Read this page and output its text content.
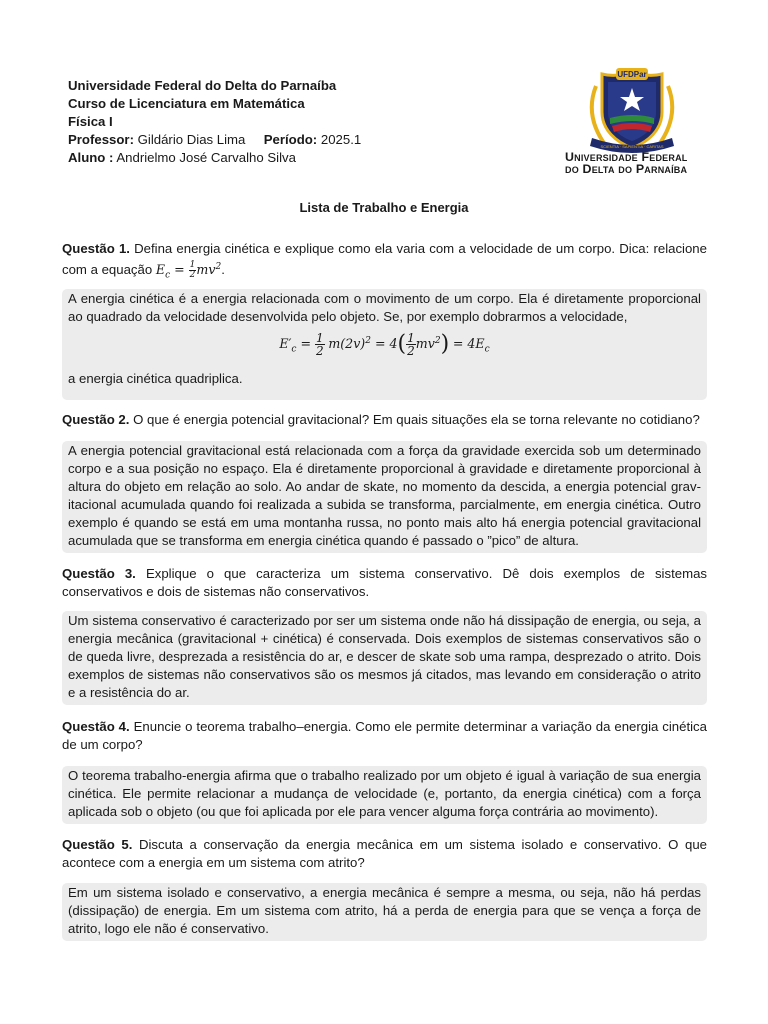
Universidade Federal do Delta do Parnaíba
Curso de Licenciatura em Matemática
Física I
Professor: Gildário Dias Lima Período: 2025.1
Aluno : Andrielmo José Carvalho Silva
UFDPar
SCIENTIA · SAPIENTIA · CARITAS
Universidade Federal
do Delta do Parnaíba
Lista de Trabalho e Energia
Questão 1. Defina energia cinética e explique como ela varia com a velocidade de um corpo. Dica: relacione com a equação $E_c = \frac{1}{2} mv^2$.
A energia cinética é a energia relacionada com o movimento de um corpo. Ela é diretamente proporcional ao quadrado da velocidade desenvolvida pelo objeto. Se, por exemplo dobrarmos a velocidade,
$E'_c = \frac{1}{2} m(2v)^2 = 4( \frac{1}{2} mv^2) = 4E_c$
a energia cinética quadriplica.
Questão 2. O que é energia potencial gravitacional? Em quais situações ela se torna relevante no cotidiano?
A energia potencial gravitacional está relacionada com a força da gravidade exercida sob um determinado corpo e a sua posição no espaço. Ela é diretamente proporcional à gravidade e diretamente proporcional à altura do objeto em relação ao solo. Ao andar de skate, no momento da descida, a energia potencial grav- itacional acumulada quando foi realizada a subida se transforma, parcialmente, em energia cinética. Outro exemplo é quando se está em uma montanha russa, no ponto mais alto há energia potencial gravitacional acumulada que se transforma em energia cinética quando é passado o ”pico” de altura.
Questão 3. Explique o que caracteriza um sistema conservativo. Dê dois exemplos de sistemas conservativos e dois de sistemas não conservativos.
Um sistema conservativo é caracterizado por ser um sistema onde não há dissipação de energia, ou seja, a energia mecânica (gravitacional + cinética) é conservada. Dois exemplos de sistemas conservativos são o de queda livre, desprezada a resistência do ar, e descer de skate sob uma rampa, desprezado o atrito. Dois exemplos de sistemas não conservativos são os mesmos já citados, mas levando em consideração o atrito e a resistência do ar.
Questão 4. Enuncie o teorema trabalho–energia. Como ele permite determinar a variação da energia cinética de um corpo?
O teorema trabalho-energia afirma que o trabalho realizado por um objeto é igual à variação de sua energia cinética. Ele permite relacionar a mudança de velocidade (e, portanto, da energia cinética) com a força aplicada sob o objeto (ou que foi aplicada por ele para vencer alguma força contrária ao movimento).
Questão 5. Discuta a conservação da energia mecânica em um sistema isolado e conservativo. O que acontece com a energia em um sistema com atrito?
Em um sistema isolado e conservativo, a energia mecânica é sempre a mesma, ou seja, não há perdas (dissipação) de energia. Em um sistema com atrito, há a perda de energia para que se vença a força de atrito, logo ele não é conservativo.
